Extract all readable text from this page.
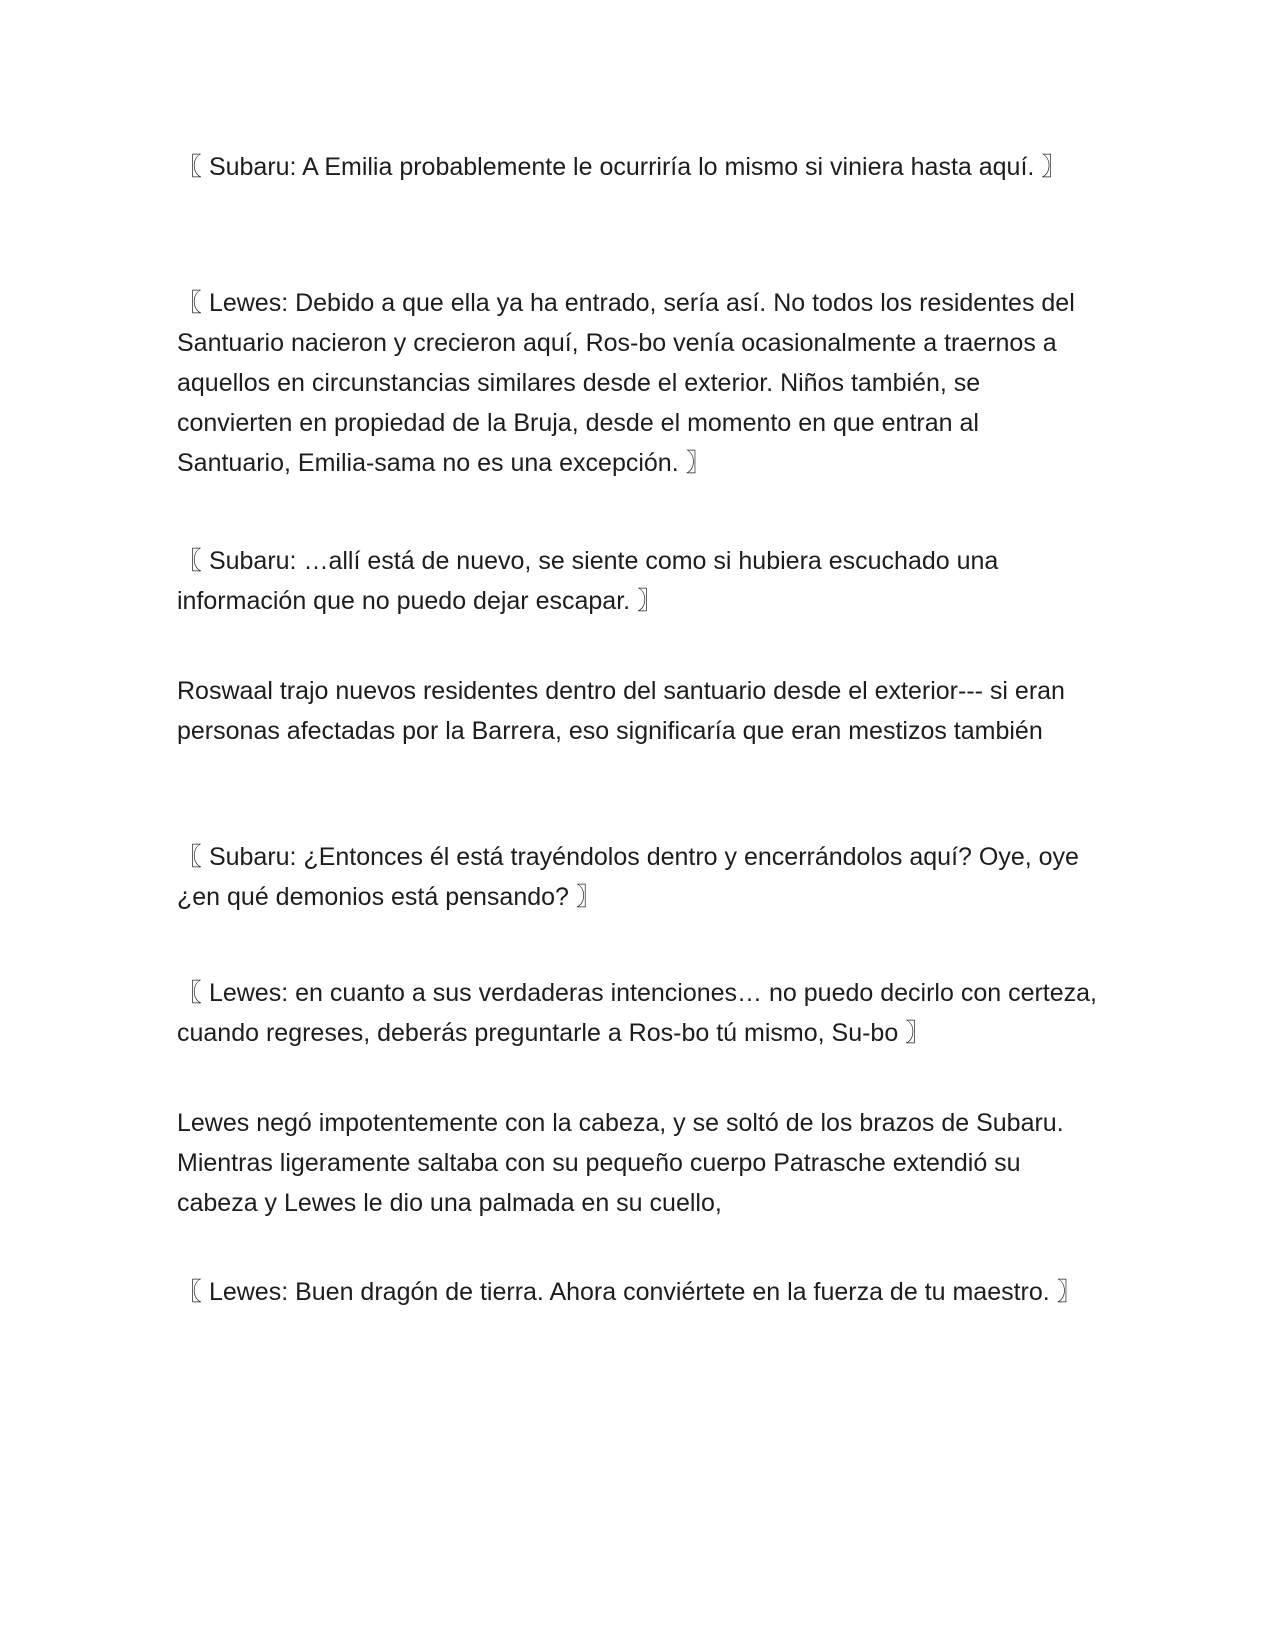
〖 Subaru: A Emilia probablemente le ocurriría lo mismo si viniera hasta aquí. 〗

〖 Lewes: Debido a que ella ya ha entrado, sería así. No todos los residentes del Santuario nacieron y crecieron aquí, Ros-bo venía ocasionalmente a traernos a aquellos en circunstancias similares desde el exterior. Niños también, se convierten en propiedad de la Bruja, desde el momento en que entran al Santuario, Emilia-sama no es una excepción. 〗

〖 Subaru: …allí está de nuevo, se siente como si hubiera escuchado una información que no puedo dejar escapar. 〗

Roswaal trajo nuevos residentes dentro del santuario desde el exterior--- si eran personas afectadas por la Barrera, eso significaría que eran mestizos también

〖 Subaru: ¿Entonces él está trayéndolos dentro y encerrándolos aquí? Oye, oye ¿en qué demonios está pensando? 〗

〖 Lewes: en cuanto a sus verdaderas intenciones… no puedo decirlo con certeza, cuando regreses, deberás preguntarle a Ros-bo tú mismo, Su-bo 〗

Lewes negó impotentemente con la cabeza, y se soltó de los brazos de Subaru. Mientras ligeramente saltaba con su pequeño cuerpo Patrasche extendió su cabeza y Lewes le dio una palmada en su cuello,

〖 Lewes: Buen dragón de tierra. Ahora conviértete en la fuerza de tu maestro. 〗
